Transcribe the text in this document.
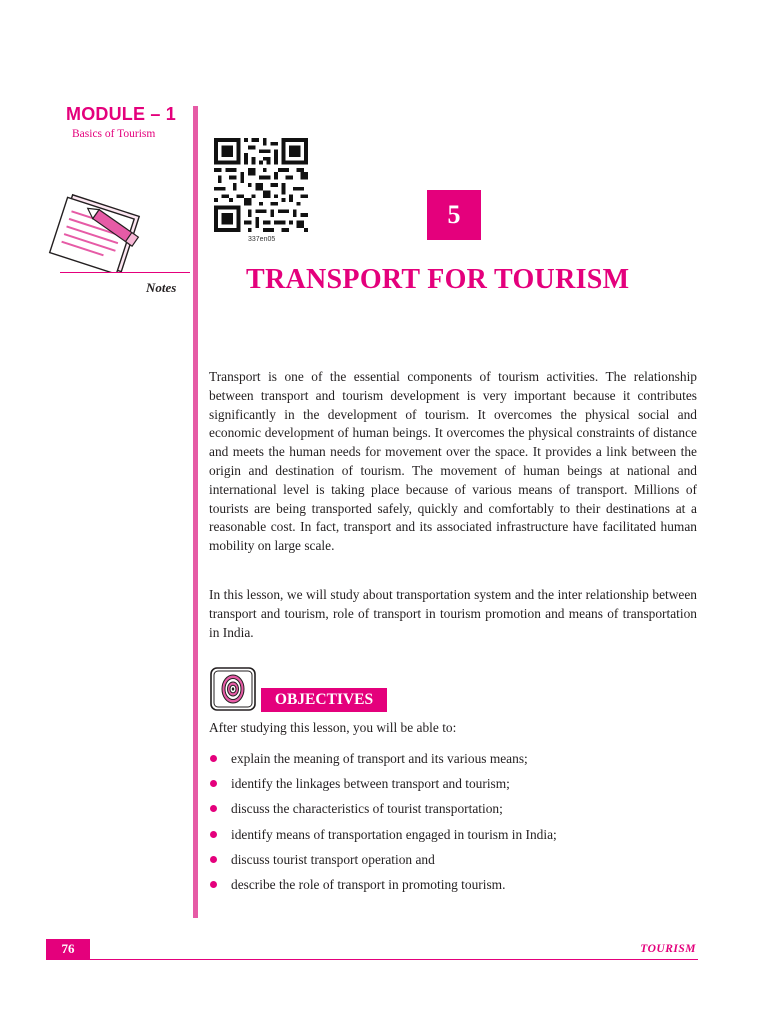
MODULE – 1
Basics of Tourism
Notes
337en05
5
TRANSPORT FOR TOURISM

Transport is one of the essential components of tourism activities. The relationship between transport and tourism development is very important because it contributes significantly in the development of tourism. It overcomes the physical social and economic development of human beings. It overcomes the physical constraints of distance and meets the human needs for movement over the space. It provides a link between the origin and destination of tourism. The movement of human beings at national and international level is taking place because of various means of transport. Millions of tourists are being transported safely, quickly and comfortably to their destinations at a reasonable cost. In fact, transport and its associated infrastructure have facilitated human mobility on large scale.

In this lesson, we will study about transportation system and the inter relationship between transport and tourism, role of transport in tourism promotion and means of transportation in India.

OBJECTIVES
After studying this lesson, you will be able to:
explain the meaning of transport and its various means;
identify the linkages between transport and tourism;
discuss the characteristics of tourist transportation;
identify means of transportation engaged in tourism in India;
discuss tourist transport operation and
describe the role of transport in promoting tourism.
76	TOURISM
